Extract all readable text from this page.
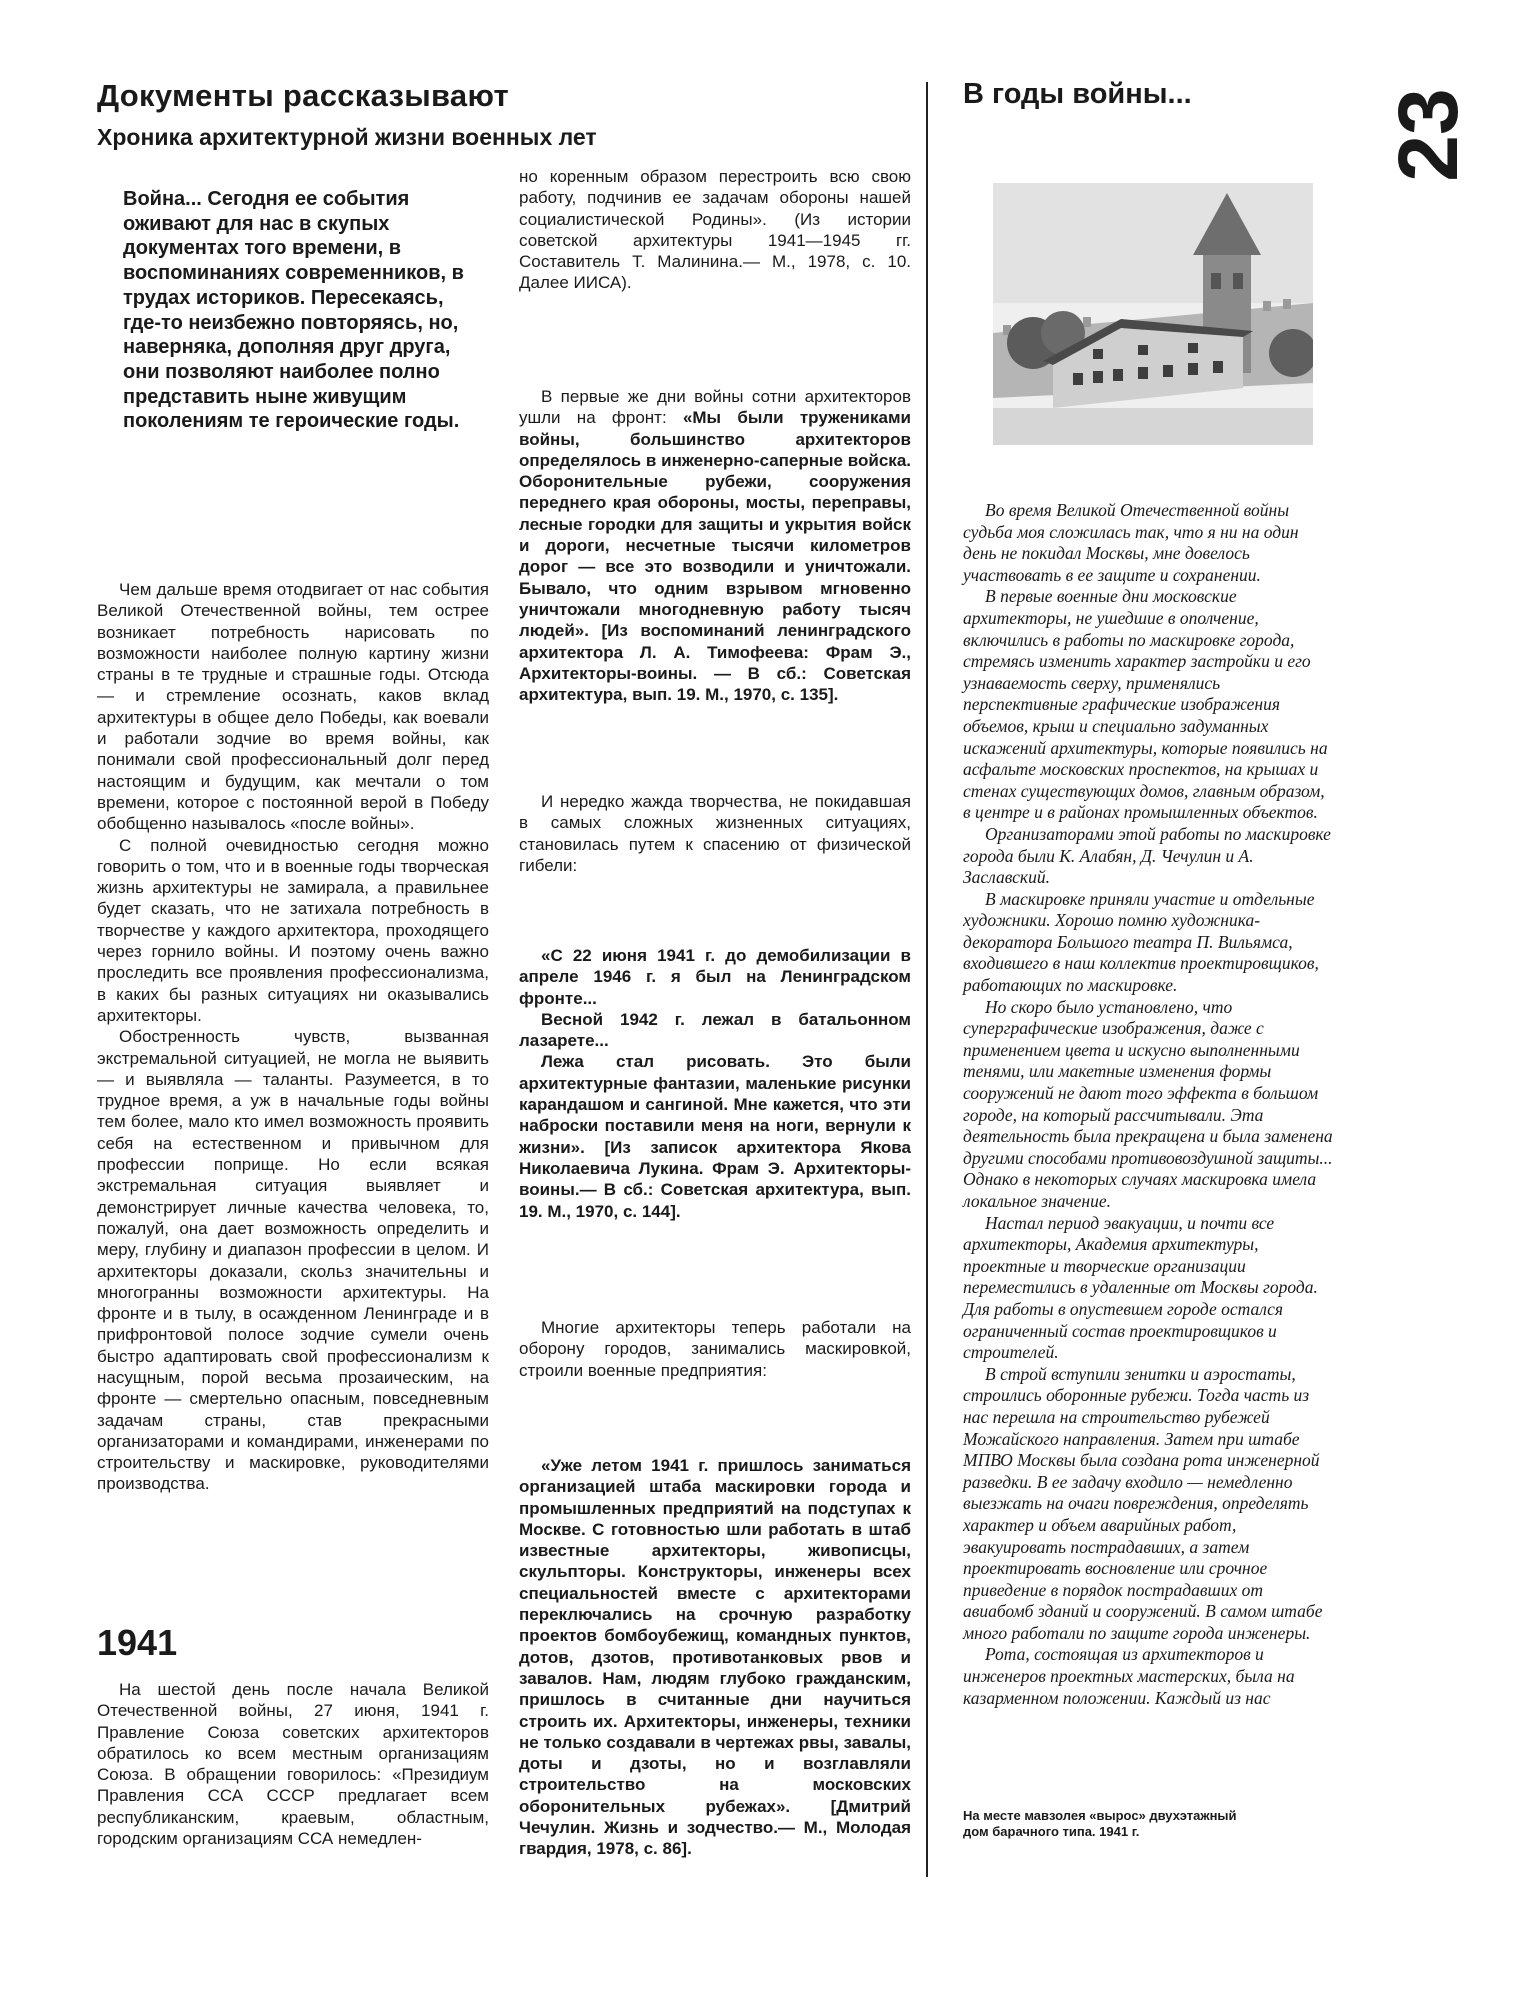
Документы рассказывают
Хроника архитектурной жизни военных лет
В годы войны... 23
Война... Сегодня ее события оживают для нас в скупых документах того времени, в воспоминаниях современников, в трудах историков. Пересекаясь, где-то неизбежно повторяясь, но, наверняка, дополняя друг друга, они позволяют наиболее полно представить ныне живущим поколениям те героические годы.

Чем дальше время отодвигает от нас события Великой Отечественной войны, тем острее возникает потребность нарисовать по возможности наиболее полную картину жизни страны в те трудные и страшные годы. Отсюда — и стремление осознать, каков вклад архитектуры в общее дело Победы, как воевали и работали зодчие во время войны, как понимали свой профессиональный долг перед настоящим и будущим, как мечтали о том времени, которое с постоянной верой в Победу обобщенно называлось «после войны».

С полной очевидностью сегодня можно говорить о том, что и в военные годы творческая жизнь архитектуры не замирала, а правильнее будет сказать, что не затихала потребность в творчестве у каждого архитектора, проходящего через горнило войны. И поэтому очень важно проследить все проявления профессионализма, в каких бы разных ситуациях ни оказывались архитекторы.

Обостренность чувств, вызванная экстремальной ситуацией, не могла не выявить — и выявляла — таланты. Разумеется, в то трудное время, а уж в начальные годы войны тем более, мало кто имел возможность проявить себя на естественном и привычном для профессии поприще. Но если всякая экстремальная ситуация выявляет и демонстрирует личные качества человека, то, пожалуй, она дает возможность определить и меру, глубину и диапазон профессии в целом. И архитекторы доказали, скольз значительны и многогранны возможности архитектуры. На фронте и в тылу, в осажденном Ленинграде и в прифронтовой полосе зодчие сумели очень быстро адаптировать свой профессионализм к насущным, порой весьма прозаическим, на фронте — смертельно опасным, повседневным задачам страны, став прекрасными организаторами и командирами, инженерами по строительству и маскировке, руководителями производства.

1941

На шестой день после начала Великой Отечественной войны, 27 июня, 1941 г. Правление Союза советских архитекторов обратилось ко всем местным организациям Союза. В обращении говорилось: «Президиум Правления ССА СССР предлагает всем республиканским, краевым, областным, городским организациям ССА немедлен-

но коренным образом перестроить всю свою работу, подчинив ее задачам обороны нашей социалистической Родины». (Из истории советской архитектуры 1941—1945 гг. Составитель Т. Малинина.— М., 1978, с. 10. Далее ИИСА).

В первые же дни войны сотни архитекторов ушли на фронт: «Мы были тружениками войны, большинство архитекторов определялось в инженерно-саперные войска. Оборонительные рубежи, сооружения переднего края обороны, мосты, переправы, лесные городки для защиты и укрытия войск и дороги, несчетные тысячи километров дорог — все это возводили и уничтожали. Бывало, что одним взрывом мгновенно уничтожали многодневную работу тысяч людей». [Из воспоминаний ленинградского архитектора Л. А. Тимофеева: Фрам Э., Архитекторы-воины. — В сб.: Советская архитектура, вып. 19. М., 1970, с. 135].

И нередко жажда творчества, не покидавшая в самых сложных жизненных ситуациях, становилась путем к спасению от физической гибели:

«С 22 июня 1941 г. до демобилизации в апреле 1946 г. я был на Ленинградском фронте...

Весной 1942 г. лежал в батальонном лазарете...

Лежа стал рисовать. Это были архитектурные фантазии, маленькие рисунки карандашом и сангиной. Мне кажется, что эти наброски поставили меня на ноги, вернули к жизни». [Из записок архитектора Якова Николаевича Лукина. Фрам Э. Архитекторы-воины.— В сб.: Советская архитектура, вып. 19. М., 1970, с. 144].

Многие архитекторы теперь работали на оборону городов, занимались маскировкой, строили военные предприятия:

«Уже летом 1941 г. пришлось заниматься организацией штаба маскировки города и промышленных предприятий на подступах к Москве. С готовностью шли работать в штаб известные архитекторы, живописцы, скульпторы. Конструкторы, инженеры всех специальностей вместе с архитекторами переключались на срочную разработку проектов бомбоубежищ, командных пунктов, дотов, дзотов, противотанковых рвов и завалов. Нам, людям глубоко гражданским, пришлось в считанные дни научиться строить их. Архитекторы, инженеры, техники не только создавали в чертежах рвы, завалы, доты и дзоты, но и возглавляли строительство на московских оборонительных рубежах». [Дмитрий Чечулин. Жизнь и зодчество.— М., Молодая гвардия, 1978, с. 86].

Во время Великой Отечественной войны судьба моя сложилась так, что я ни на один день не покидал Москвы, мне довелось участвовать в ее защите и сохранении.

В первые военные дни московские архитекторы, не ушедшие в ополчение, включились в работы по маскировке города, стремясь изменить характер застройки и его узнаваемость сверху, применялись перспективные графические изображения объемов, крыш и специально задуманных искажений архитектуры, которые появились на асфальте московских проспектов, на крышах и стенах существующих домов, главным образом, в центре и в районах промышленных объектов.

Организаторами этой работы по маскировке города были К. Алабян, Д. Чечулин и А. Заславский.

В маскировке приняли участие и отдельные художники. Хорошо помню художника-декоратора Большого театра П. Вильямса, входившего в наш коллектив проектировщиков, работающих по маскировке.

Но скоро было установлено, что суперграфические изображения, даже с применением цвета и искусно выполненными тенями, или макетные изменения формы сооружений не дают того эффекта в большом городе, на который рассчитывали. Эта деятельность была прекращена и была заменена другими способами противовоздушной защиты... Однако в некоторых случаях маскировка имела локальное значение.

Настал период эвакуации, и почти все архитекторы, Академия архитектуры, проектные и творческие организации переместились в удаленные от Москвы города. Для работы в опустевшем городе остался ограниченный состав проектировщиков и строителей.

В строй вступили зенитки и аэростаты, строились оборонные рубежи. Тогда часть из нас перешла на строительство рубежей Можайского направления. Затем при штабе МПВО Москвы была создана рота инженерной разведки. В ее задачу входило — немедленно выезжать на очаги повреждения, определять характер и объем аварийных работ, эвакуировать пострадавших, а затем проектировать восновление или срочное приведение в порядок пострадавших от авиабомб зданий и сооружений. В самом штабе много работали по защите города инженеры.

Рота, состоящая из архитекторов и инженеров проектных мастерских, была на казарменном положении. Каждый из нас

На месте мавзолея «вырос» двухэтажный дом барачного типа. 1941 г.
